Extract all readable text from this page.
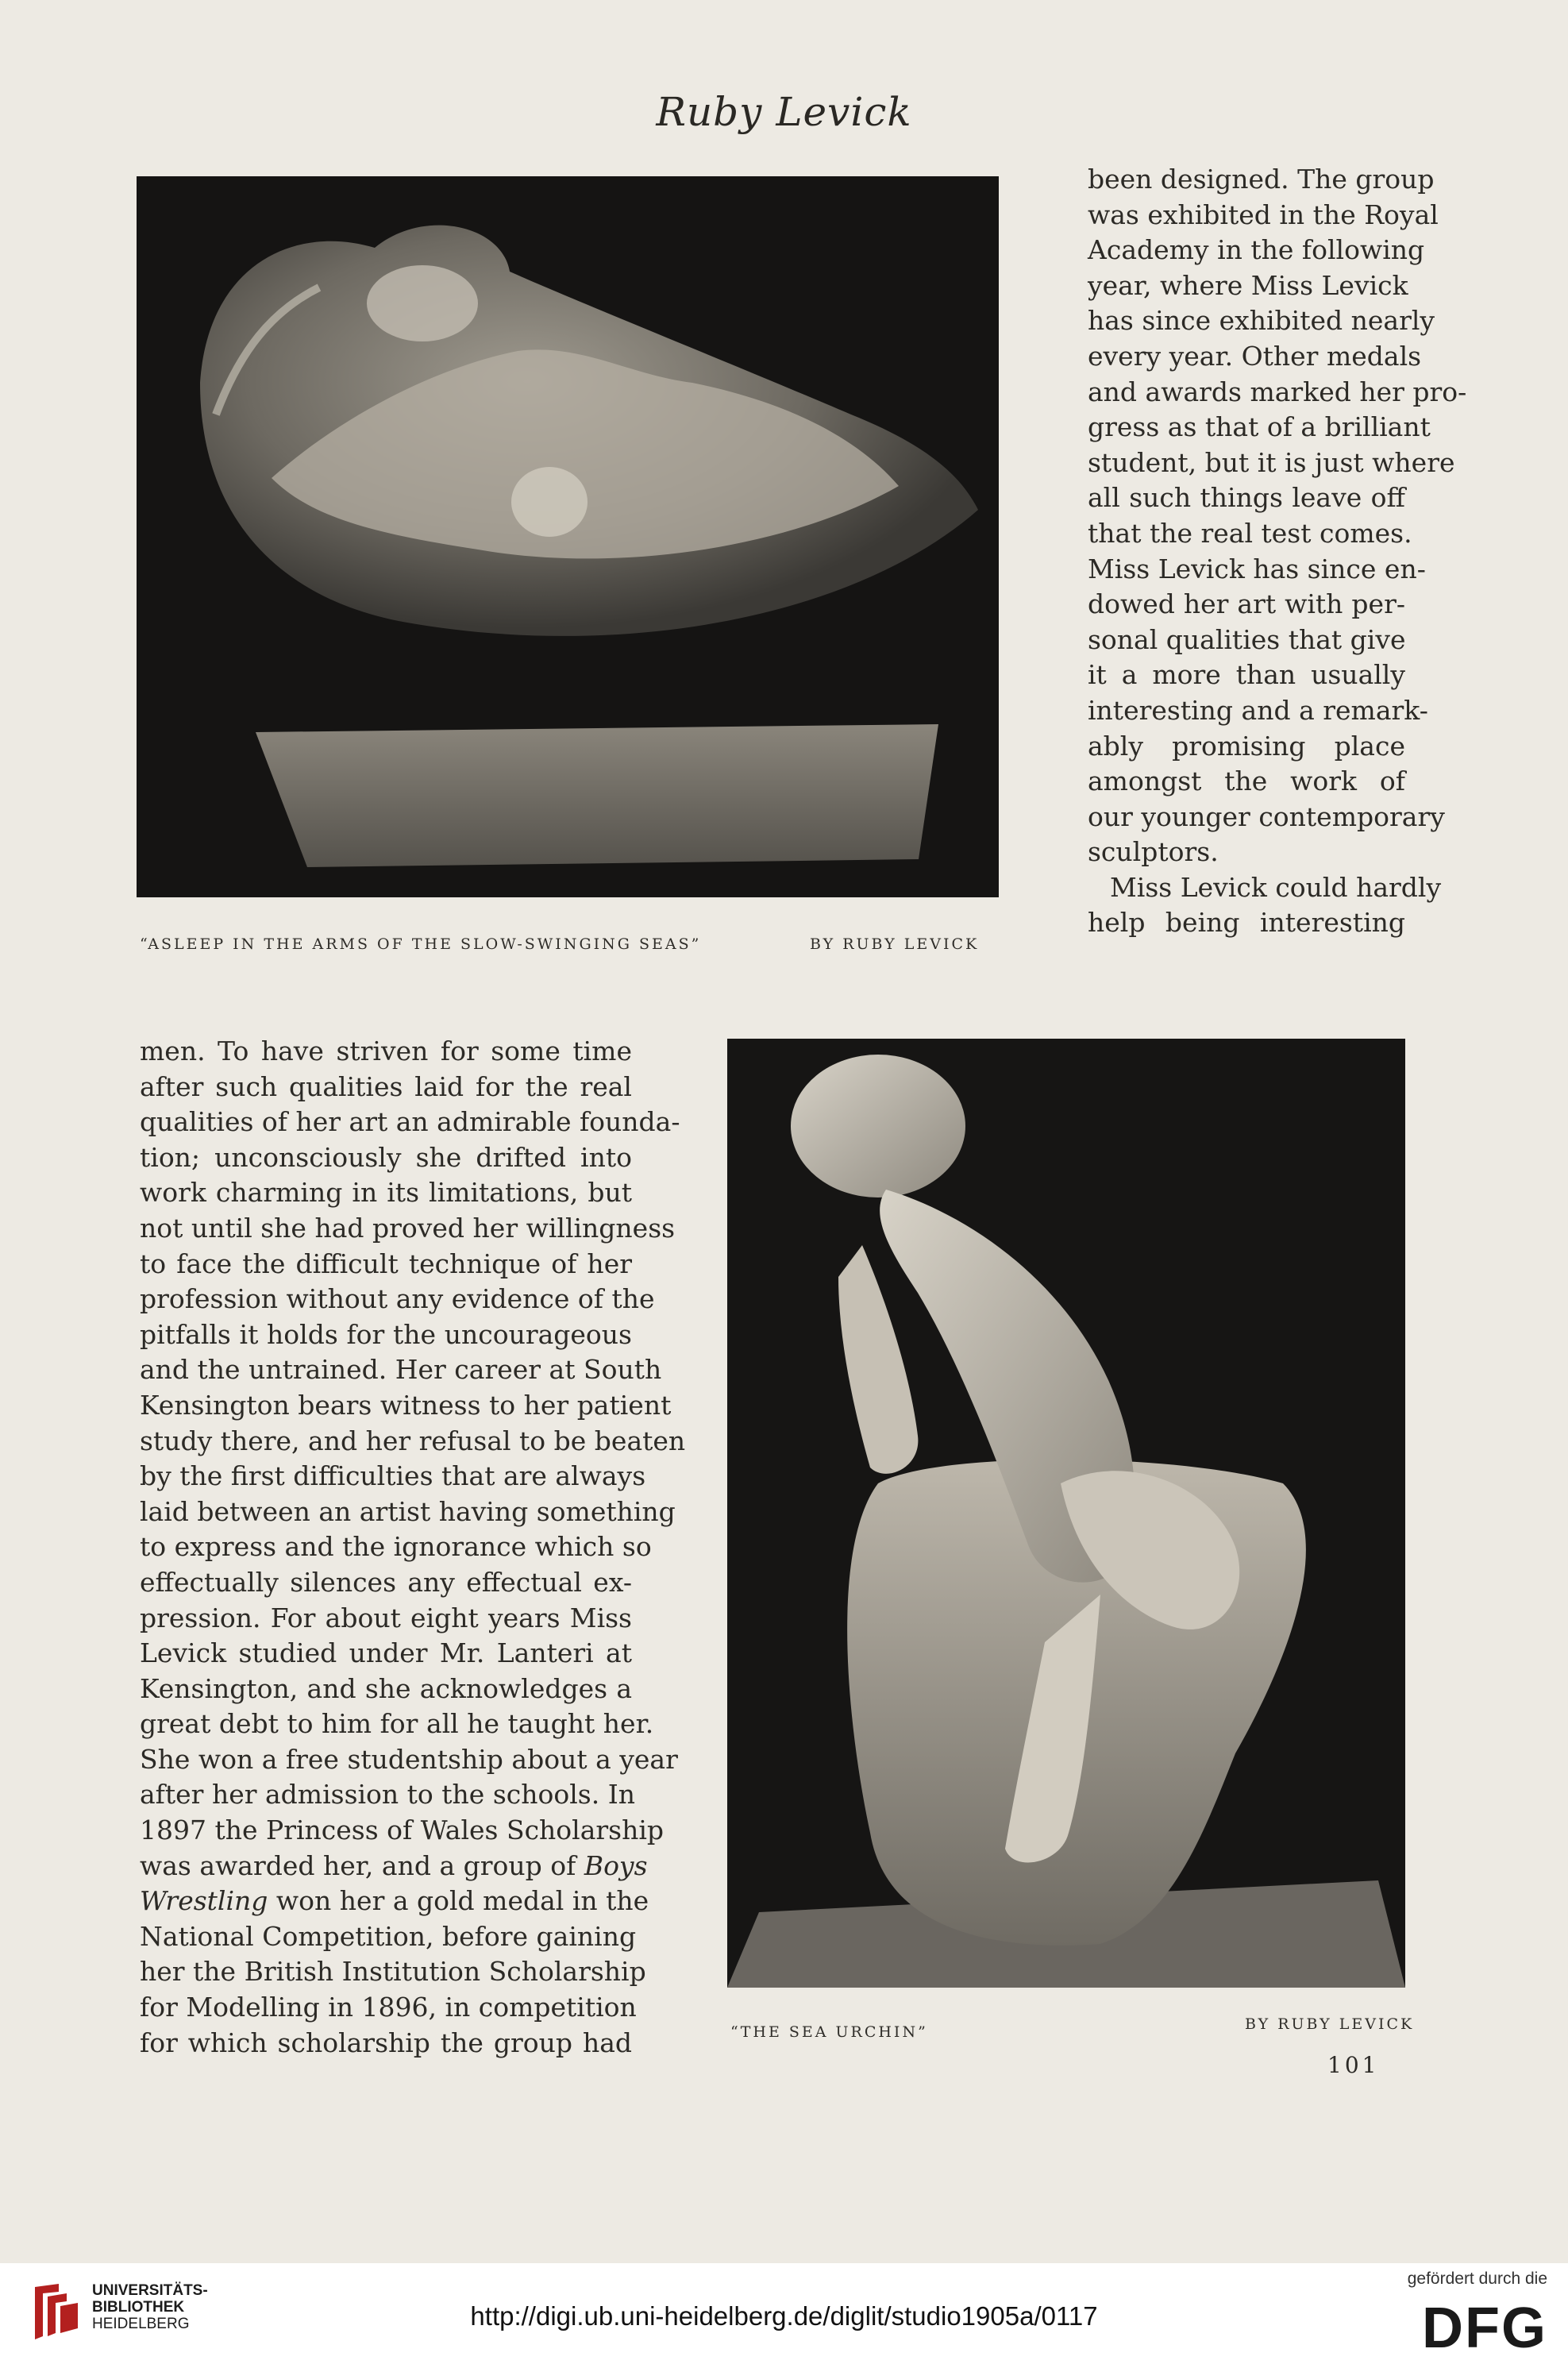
Ruby Levick
“ASLEEP IN THE ARMS OF THE SLOW-SWINGING SEAS”	BY RUBY LEVICK
been designed. The group
was exhibited in the Royal
Academy in the following
year, where Miss Levick
has since exhibited nearly
every year. Other medals
and awards marked her pro-
gress as that of a brilliant
student, but it is just where
all such things leave off
that the real test comes.
Miss Levick has since en-
dowed her art with per-
sonal qualities that give
it a more than usually
interesting and a remark-
ably promising place
amongst the work of
our younger contemporary
sculptors.
Miss Levick could hardly
help being interesting
men. To have striven for some time
after such qualities laid for the real
qualities of her art an admirable founda-
tion; unconsciously she drifted into
work charming in its limitations, but
not until she had proved her willingness
to face the difficult technique of her
profession without any evidence of the
pitfalls it holds for the uncourageous
and the untrained. Her career at South
Kensington bears witness to her patient
study there, and her refusal to be beaten
by the first difficulties that are always
laid between an artist having something
to express and the ignorance which so
effectually silences any effectual ex-
pression. For about eight years Miss
Levick studied under Mr. Lanteri at
Kensington, and she acknowledges a
great debt to him for all he taught her.
She won a free studentship about a year
after her admission to the schools. In
1897 the Princess of Wales Scholarship
was awarded her, and a group of Boys
Wrestling won her a gold medal in the
National Competition, before gaining
her the British Institution Scholarship
for Modelling in 1896, in competition
for which scholarship the group had	“THE SEA URCHIN”	BY RUBY LEVICK
101
UNIVERSITÄTS-
BIBLIOTHEK
HEIDELBERG	http://digi.ub.uni-heidelberg.de/diglit/studio1905a/0117
gefördert durch die
DFG
